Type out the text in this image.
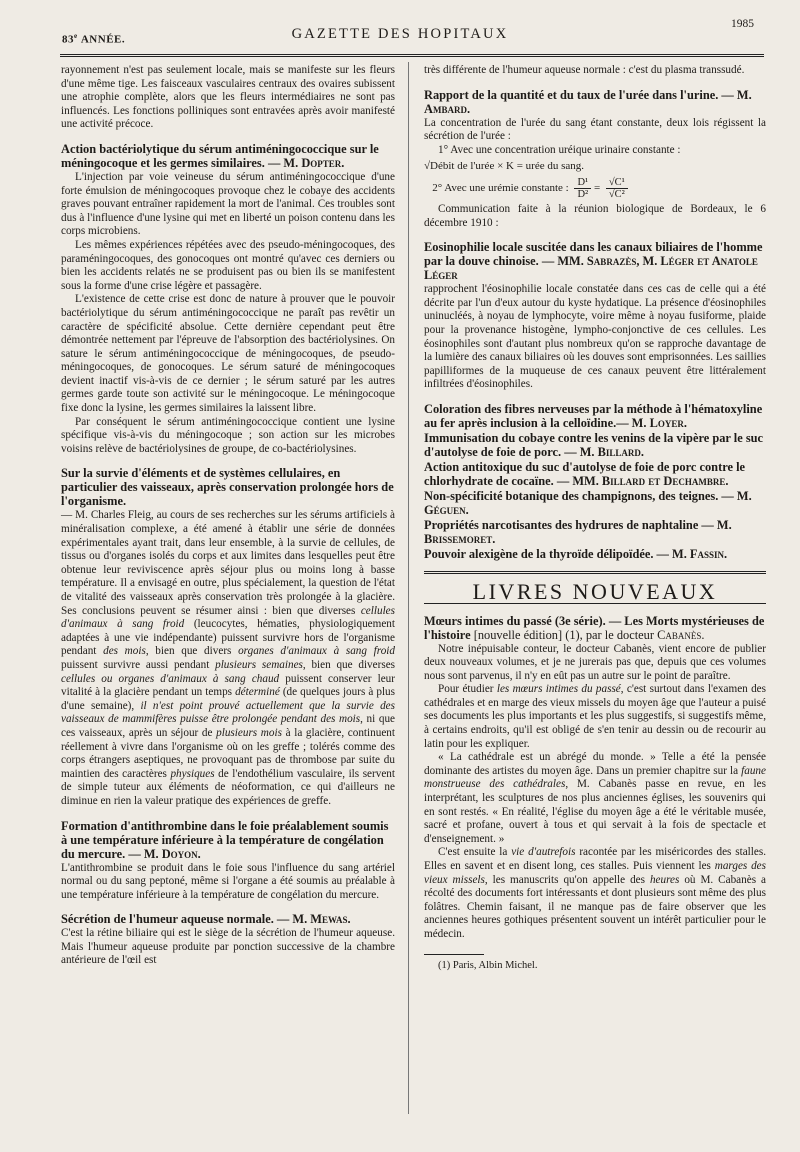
83e ANNÉE.	GAZETTE DES HOPITAUX
1985

rayonnement n'est pas seulement locale, mais se manifeste sur les fleurs d'une même tige. Les faisceaux vasculaires centraux des ovaires subissent une atrophie complète, alors que les fleurs intermédiaires ne sont pas influencés. Les fonctions polliniques sont entravées après avoir manifesté une activité précoce.

Action bactériolytique du sérum antiméningococcique sur le méningocoque et les germes similaires. — M. Dopter.

L'injection par voie veineuse du sérum antiméningococcique d'une forte émulsion de méningocoques provoque chez le cobaye des accidents graves pouvant entraîner rapidement la mort de l'animal. Ces troubles sont dus à l'influence d'une lysine qui met en liberté un poison contenu dans les corps microbiens.

Les mêmes expériences répétées avec des pseudo-méningocoques, des paraméningocoques, des gonocoques ont montré qu'avec ces derniers ou bien les accidents relatés ne se produisent pas ou bien ils se manifestent sous la forme d'une crise légère et passagère.

L'existence de cette crise est donc de nature à prouver que le pouvoir bactériolytique du sérum antiméningococcique ne paraît pas revêtir un caractère de spécificité absolue. Cette dernière cependant peut être démontrée nettement par l'épreuve de l'absorption des bactériolysines. On sature le sérum antiméningococcique de méningocoques, de pseudo-méningocoques, de gonocoques. Le sérum saturé de méningocoques devient inactif vis-à-vis de ce dernier ; le sérum saturé par les autres germes garde toute son activité sur le méningocoque. Le méningocoque fixe donc la lysine, les germes similaires la laissent libre.

Par conséquent le sérum antiméningococcique contient une lysine spécifique vis-à-vis du méningocoque ; son action sur les microbes voisins relève de bactériolysines de groupe, de co-bactériolysines.

Sur la survie d'éléments et de systèmes cellulaires, en particulier des vaisseaux, après conservation prolongée hors de l'organisme.

— M. Charles Fleig, au cours de ses recherches sur les sérums artificiels à minéralisation complexe, a été amené à établir une série de données expérimentales ayant trait, dans leur ensemble, à la survie de cellules, de tissus ou d'organes isolés du corps et aux limites dans lesquelles peut être obtenue leur reviviscence après séjour plus ou moins long à basse température. Il a envisagé en outre, plus spécialement, la question de l'état de vitalité des vaisseaux après conservation très prolongée à la glacière. Ses conclusions peuvent se résumer ainsi : bien que diverses cellules d'animaux à sang froid (leucocytes, hématies, physiologiquement adaptées à une vie indépendante) puissent survivre hors de l'organisme pendant des mois, bien que divers organes d'animaux à sang froid puissent survivre aussi pendant plusieurs semaines, bien que diverses cellules ou organes d'animaux à sang chaud puissent conserver leur vitalité à la glacière pendant un temps déterminé (de quelques jours à plus d'une semaine), il n'est point prouvé actuellement que la survie des vaisseaux de mammifères puisse être prolongée pendant des mois, ni que ces vaisseaux, après un séjour de plusieurs mois à la glacière, continuent réellement à vivre dans l'organisme où on les greffe ; tolérés comme des corps étrangers aseptiques, ne provoquant pas de thrombose par suite du maintien des caractères physiques de l'endothélium vasculaire, ils servent de simple tuteur aux éléments de néoformation, ce qui d'ailleurs ne diminue en rien la valeur pratique des expériences de greffe.

Formation d'antithrombine dans le foie préalablement soumis à une température inférieure à la température de congélation du mercure. — M. Doyon.

L'antithrombine se produit dans le foie sous l'influence du sang artériel normal ou du sang peptoné, même si l'organe a été soumis au préalable à une température inférieure à la température de congélation du mercure.

Sécrétion de l'humeur aqueuse normale. — M. Mewas.

C'est la rétine biliaire qui est le siège de la sécrétion de l'humeur aqueuse. Mais l'humeur aqueuse produite par ponction successive de la chambre antérieure de l'œil est

très différente de l'humeur aqueuse normale : c'est du plasma transsudé.

Rapport de la quantité et du taux de l'urée dans l'urine. — M. Ambard.

La concentration de l'urée du sang étant constante, deux lois régissent la sécrétion de l'urée :

1° Avec une concentration uréique urinaire constante :

√Débit de l'urée × K = urée du sang.
2° Avec une urémie constante : $\frac{\text{D¹}}{\text{D²}} = \frac{\text{√C¹}}{\text{√C²}}$

Communication faite à la réunion biologique de Bordeaux, le 6 décembre 1910 :

Eosinophilie locale suscitée dans les canaux biliaires de l'homme par la douve chinoise. — MM. Sabrazès, M. Léger et Anatole Léger

rapprochent l'éosinophilie locale constatée dans ces cas de celle qui a été décrite par l'un d'eux autour du kyste hydatique. La présence d'éosinophiles uninucléés, à noyau de lymphocyte, voire même à noyau fusiforme, plaide pour la provenance histogène, lympho-conjonctive de ces cellules. Les éosinophiles sont d'autant plus nombreux qu'on se rapproche davantage de la lumière des canaux biliaires où les douves sont emprisonnées. Les saillies papilliformes de la muqueuse de ces canaux peuvent être littéralement infiltrées d'éosinophiles.

Coloration des fibres nerveuses par la méthode à l'hématoxyline au fer après inclusion à la celloïdine.— M. Loyer.
Immunisation du cobaye contre les venins de la vipère par le suc d'autolyse de foie de porc. — M. Billard.
Action antitoxique du suc d'autolyse de foie de porc contre le chlorhydrate de cocaïne. — MM. Billard et Dechambre.
Non-spécificité botanique des champignons, des teignes. — M. Géguen.
Propriétés narcotisantes des hydrures de naphtaline — M. Brissemoret.
Pouvoir alexigène de la thyroïde délipoïdée. — M. Fassin.
LIVRES NOUVEAUX
Mœurs intimes du passé (3e série). — Les Morts mystérieuses de l'histoire [nouvelle édition] (1), par le docteur Cabanès.

Notre inépuisable conteur, le docteur Cabanès, vient encore de publier deux nouveaux volumes, et je ne jurerais pas que, depuis que ces volumes nous sont parvenus, il n'y en eût pas un autre sur le point de paraître.

Pour étudier les mœurs intimes du passé, c'est surtout dans l'examen des cathédrales et en marge des vieux missels du moyen âge que l'auteur a puisé ses documents les plus importants et les plus suggestifs, si suggestifs même, à certains endroits, qu'il est obligé de s'en tenir au dessin ou de recourir au latin pour les expliquer.

« La cathédrale est un abrégé du monde. » Telle a été la pensée dominante des artistes du moyen âge. Dans un premier chapitre sur la faune monstrueuse des cathédrales, M. Cabanès passe en revue, en les interprétant, les sculptures de nos plus anciennes églises, les souvenirs qui en sont restés. « En réalité, l'église du moyen âge a été le véritable musée, sacré et profane, ouvert à tous et qui servait à la fois de spectacle et d'enseignement. »

C'est ensuite la vie d'autrefois racontée par les miséricordes des stalles. Elles en savent et en disent long, ces stalles. Puis viennent les marges des vieux missels, les manuscrits qu'on appelle des heures où M. Cabanès a récolté des documents fort intéressants et dont plusieurs sont même des plus folâtres. Chemin faisant, il ne manque pas de faire observer que les anciennes heures gothiques présentent souvent un intérêt particulier pour le médecin.

(1) Paris, Albin Michel.
